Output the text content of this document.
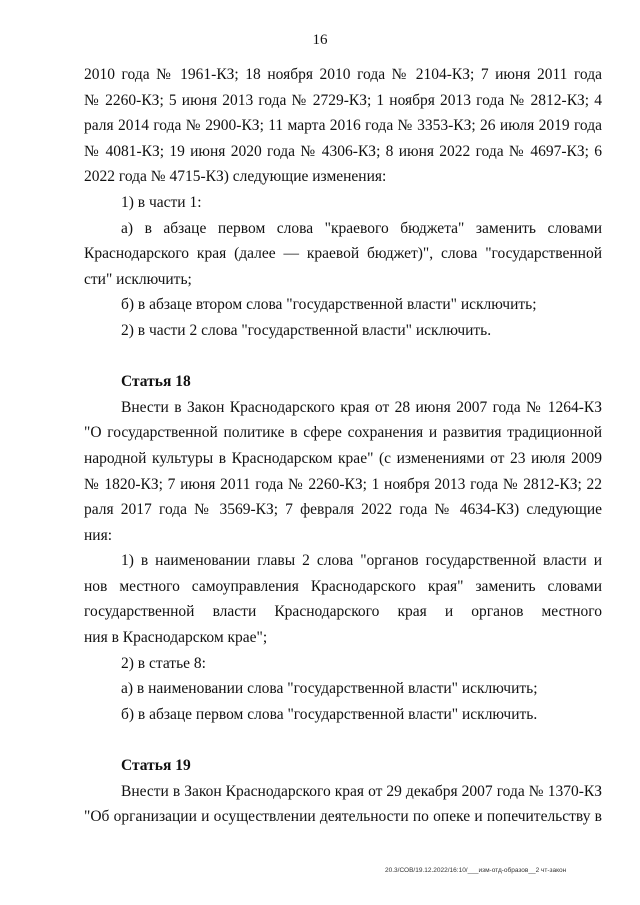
16
2010 года № 1961-КЗ; 18 ноября 2010 года № 2104-КЗ; 7 июня 2011 года
№ 2260-КЗ; 5 июня 2013 года № 2729-КЗ; 1 ноября 2013 года № 2812-КЗ; 4
раля 2014 года № 2900-КЗ; 11 марта 2016 года № 3353-КЗ; 26 июля 2019 года
№ 4081-КЗ; 19 июня 2020 года № 4306-КЗ; 8 июня 2022 года № 4697-КЗ; 6
2022 года № 4715-КЗ) следующие изменения:
1) в части 1:
а) в абзаце первом слова "краевого бюджета" заменить словами
Краснодарского края (далее — краевой бюджет)", слова "государственной
сти" исключить;
б) в абзаце втором слова "государственной власти" исключить;
2) в части 2 слова "государственной власти" исключить.
Статья 18
Внести в Закон Краснодарского края от 28 июня 2007 года № 1264-КЗ
"О государственной политике в сфере сохранения и развития традиционной
народной культуры в Краснодарском крае" (с изменениями от 23 июля 2009
№ 1820-КЗ; 7 июня 2011 года № 2260-КЗ; 1 ноября 2013 года № 2812-КЗ; 22
раля 2017 года № 3569-КЗ; 7 февраля 2022 года № 4634-КЗ) следующие
ния:
1) в наименовании главы 2 слова "органов государственной власти и
нов местного самоуправления Краснодарского края" заменить словами
государственной власти Краснодарского края и органов местного
ния в Краснодарском крае";
2) в статье 8:
а) в наименовании слова "государственной власти" исключить;
б) в абзаце первом слова "государственной власти" исключить.
Статья 19
Внести в Закон Краснодарского края от 29 декабря 2007 года № 1370-КЗ
"Об организации и осуществлении деятельности по опеке и попечительству в
20.3/СОВ/19.12.2022/16:10/___изм-отд-образов__2 чт-закон
